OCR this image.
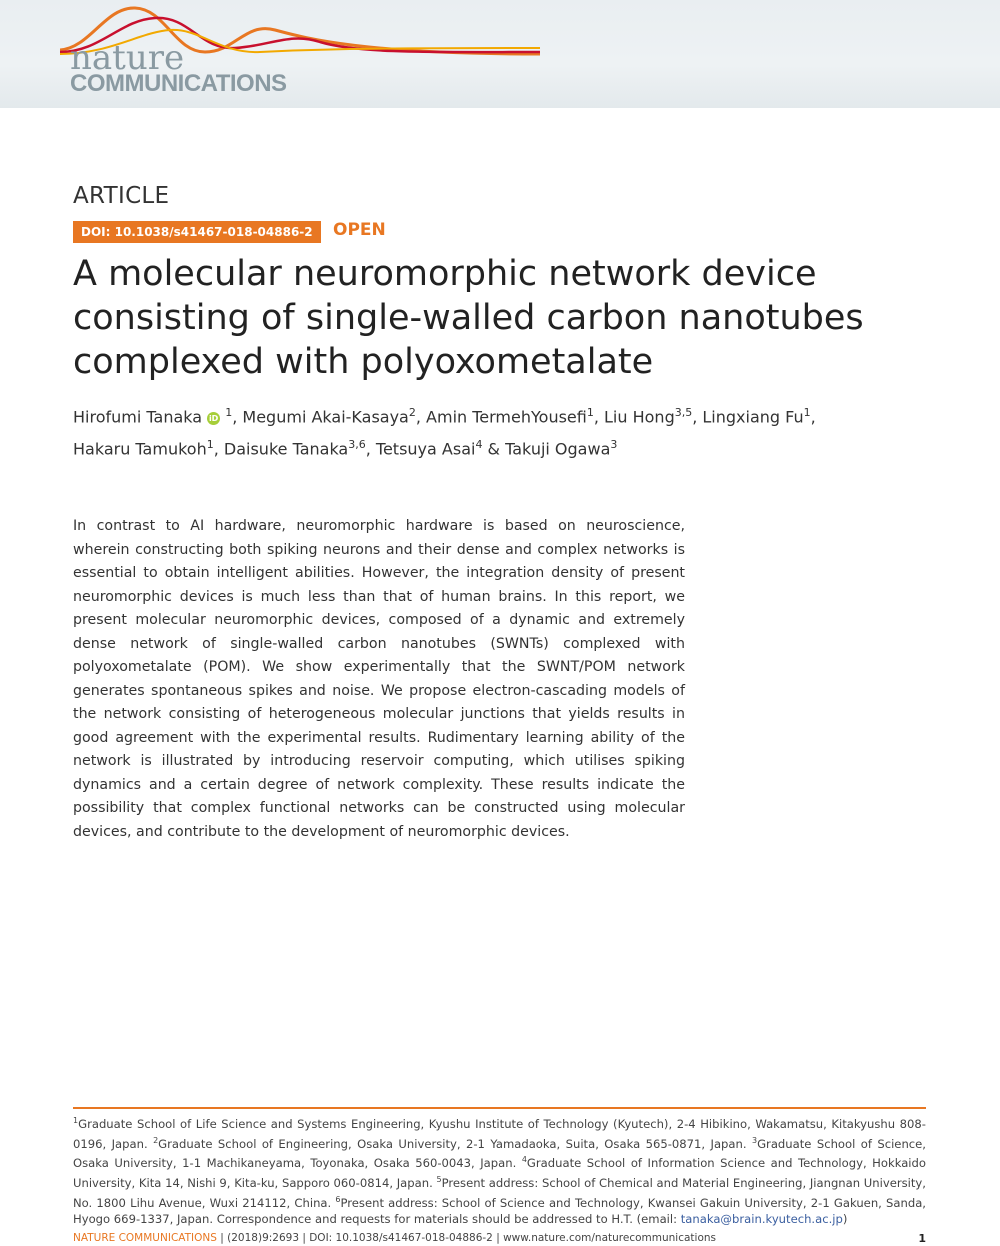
nature
COMMUNICATIONS
ARTICLE
DOI: 10.1038/s41467-018-04886-2	OPEN
A molecular neuromorphic network device consisting of single-walled carbon nanotubes complexed with polyoxometalate
Hirofumi Tanaka iD $^1$, Megumi Akai-Kasaya$^2$, Amin TermehYousefi$^1$, Liu Hong$^{3,5}$, Lingxiang Fu$^1$,
Hakaru Tamukoh$^1$, Daisuke Tanaka$^{3,6}$, Tetsuya Asai$^4$ & Takuji Ogawa$^3$
In contrast to AI hardware, neuromorphic hardware is based on neuroscience, wherein constructing both spiking neurons and their dense and complex networks is essential to obtain intelligent abilities. However, the integration density of present neuromorphic devices is much less than that of human brains. In this report, we present molecular neuromorphic devices, composed of a dynamic and extremely dense network of single-walled carbon nanotubes (SWNTs) complexed with polyoxometalate (POM). We show experimentally that the SWNT/POM network generates spontaneous spikes and noise. We propose electron-cascading models of the network consisting of heterogeneous molecular junctions that yields results in good agreement with the experimental results. Rudimentary learning ability of the network is illustrated by introducing reservoir computing, which utilises spiking dynamics and a certain degree of network complexity. These results indicate the possibility that complex functional networks can be constructed using molecular devices, and contribute to the development of neuromorphic devices.
$^1$Graduate School of Life Science and Systems Engineering, Kyushu Institute of Technology (Kyutech), 2-4 Hibikino, Wakamatsu, Kitakyushu 808-0196, Japan. $^2$Graduate School of Engineering, Osaka University, 2-1 Yamadaoka, Suita, Osaka 565-0871, Japan. $^3$Graduate School of Science, Osaka University, 1-1 Machikaneyama, Toyonaka, Osaka 560-0043, Japan. $^4$Graduate School of Information Science and Technology, Hokkaido University, Kita 14, Nishi 9, Kita-ku, Sapporo 060-0814, Japan. $^5$Present address: School of Chemical and Material Engineering, Jiangnan University, No. 1800 Lihu Avenue, Wuxi 214112, China. $^6$Present address: School of Science and Technology, Kwansei Gakuin University, 2-1 Gakuen, Sanda, Hyogo 669-1337, Japan. Correspondence and requests for materials should be addressed to H.T. (email: tanaka@brain.kyutech.ac.jp)
NATURE COMMUNICATIONS | (2018)9:2693 | DOI: 10.1038/s41467-018-04886-2 | www.nature.com/naturecommunications	1
